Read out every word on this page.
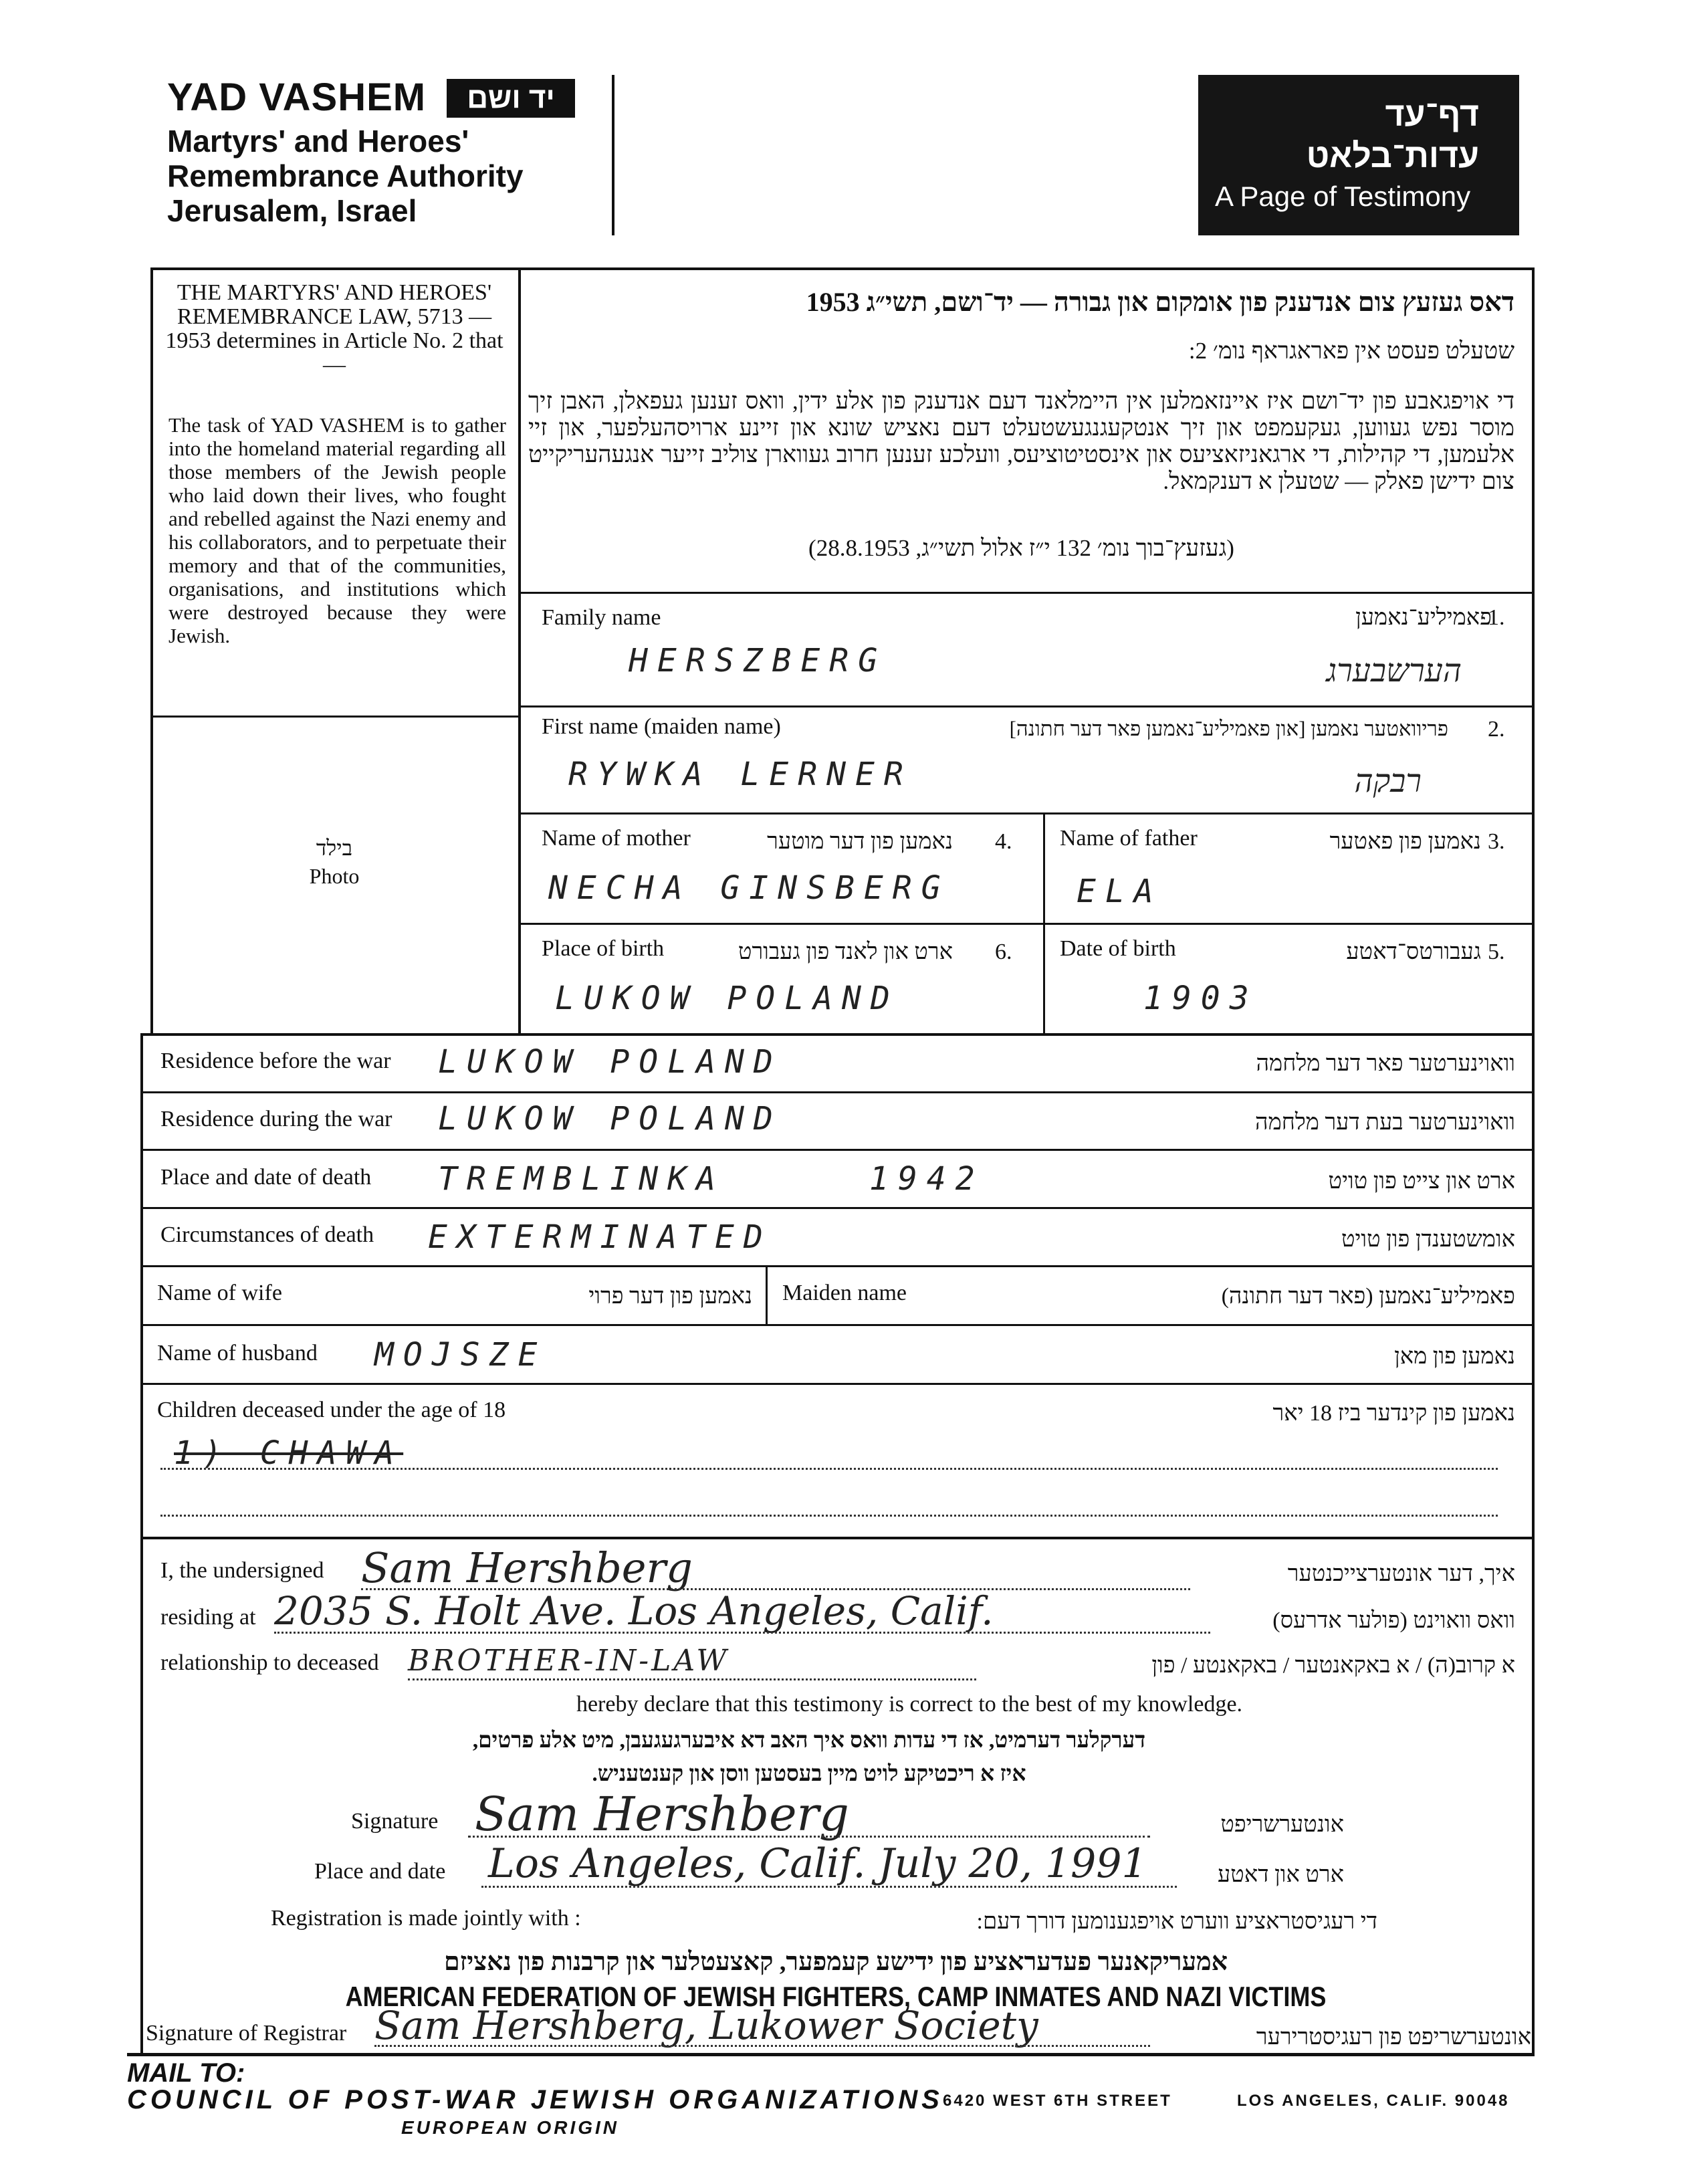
YAD VASHEM	יד ושם
Martyrs' and Heroes'
Remembrance Authority
Jerusalem, Israel
דף־עד
עדות־בלאט
A Page of Testimony
THE MARTYRS' AND HEROES' REMEMBRANCE LAW, 5713 — 1953 determines in Article No. 2 that —
The task of YAD VASHEM is to gather into the homeland material regarding all those members of the Jewish people who laid down their lives, who fought and rebelled against the Nazi enemy and his collaborators, and to perpetuate their memory and that of the communities, organisations, and institutions which were destroyed because they were Jewish.
בילד
Photo
דאס געזעץ צום אנדענק פון אומקום און גבורה — יד־ושם, תשי״ג 1953
שטעלט פעסט אין פאראגראף נומ׳ 2:
די אויפגאבע פון יד־ושם איז איינזאמלען אין היימלאנד דעם אנדענק פון אלע ידין, וואס זענען געפאלן, האבן זיך מוסר נפש געווען, געקעמפט און זיך אנטקעגנגעשטעלט דעם נאציש שונא און זיינע ארויסהעלפער, און זיי אלעמען, די קהילות, די ארגאניזאציעס און אינסטיטוציעס, וועלכע זענען חרוב געווארן צוליב זייער אנגעהעריקייט צום ידישן פאלק — שטעלן א דענקמאל.
(געזעץ־בוך נומ׳ 132 י״ז אלול תשי״ג, 28.8.1953)
Family name	פאמיליע־נאמען
1.
HERSZBERG	הערשבערג
First name (maiden name)	פריוואטער נאמען [און פאמיליע־נאמען פאר דער חתונה] 2.
RYWKA LERNER	רבקה
Name of mother	נאמען פון דער מוטער 4.
NECHA GINSBERG
Name of father	נאמען פון פאטער 3.
ELA
Place of birth	ארט און לאנד פון געבורט 6.
LUKOW POLAND
Date of birth	געבורטס־דאטע 5.
1903
Residence before the war LUKOW POLAND	וואוינערטער פאר דער מלחמה
Residence during the war LUKOW POLAND	וואוינערטער בעת דער מלחמה
Place and date of death TREMBLINKA	1942	ארט און צייט פון טויט
Circumstances of death EXTERMINATED	אומשטענדן פון טויט
Name of wife	נאמען פון דער פרוי Maiden name	פאמיליע־נאמען (פאר דער חתונה)
Name of husband MOJSZE	נאמען פון מאן
Children deceased under the age of 18	נאמען פון קינדער ביז 18 יאר
1) CHAWA
I, the undersigned Sam Hershberg	איך, דער אונטערצייכנטער
residing at 2035 S. Holt Ave. Los Angeles, Calif.	וואס וואוינט (פולער אדרעס)
relationship to deceased BROTHER-IN-LAW	א קרוב(ה) / א באקאנטער / באקאנטע / פון
hereby declare that this testimony is correct to the best of my knowledge.
דערקלער דערמיט, אז די עדות וואס איך האב דא איבערגעגעבן, מיט אלע פרטים,
איז א ריכטיקע לויט מיין בעסטען ווסן און קענטעניש.
Signature Sam Hershberg	אונטערשריפט
Place and date Los Angeles, Calif. July 20, 1991	ארט און דאטע
Registration is made jointly with :	די רעגיסטראציע ווערט אויפגענומען דורך דעם:
אמעריקאנער פעדעראציע פון ידישע קעמפער, קאצעטלער און קרבנות פון נאציזם
AMERICAN FEDERATION OF JEWISH FIGHTERS, CAMP INMATES AND NAZI VICTIMS
Signature of Registrar Sam Hershberg, Lukower Society	אונטערשריפט פון רעגיסטרירער
MAIL TO:
COUNCIL OF POST-WAR JEWISH ORGANIZATIONS
EUROPEAN ORIGIN
6420 WEST 6TH STREET	LOS ANGELES, CALIF. 90048
